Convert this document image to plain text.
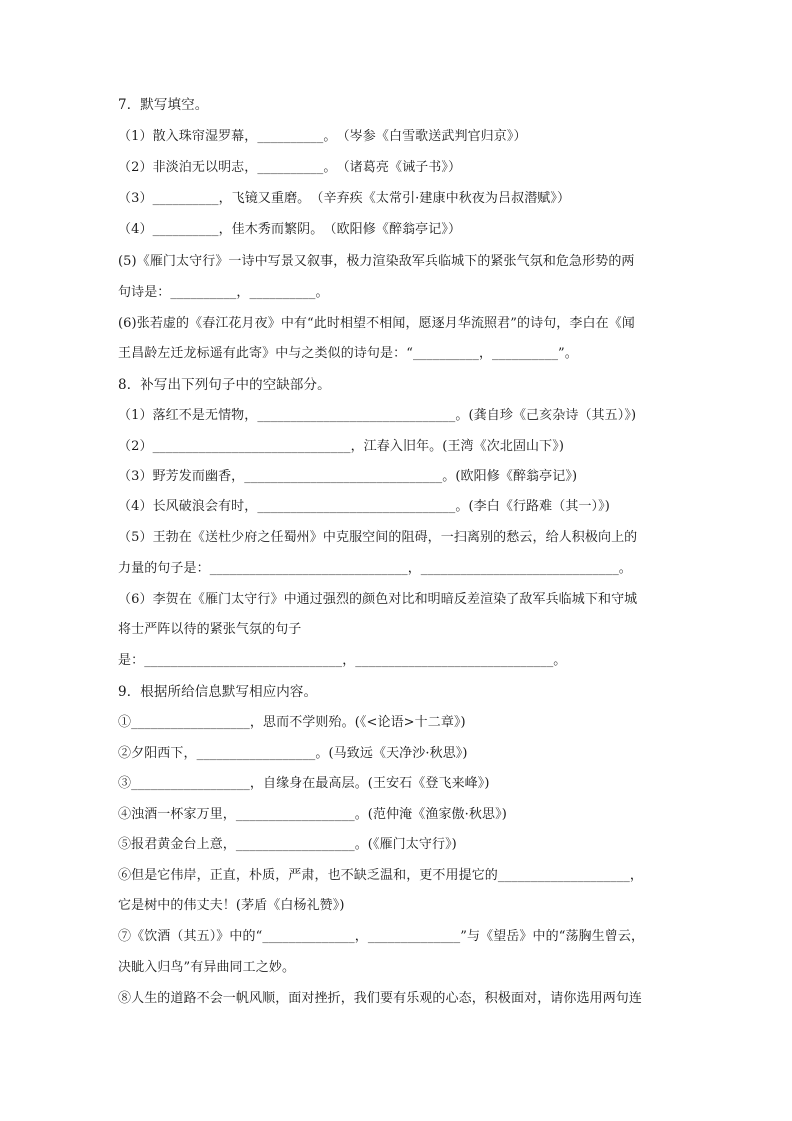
7．默写填空。
（1）散入珠帘湿罗幕，__________。　（岑参《白雪歌送武判官归京》）
（2）非淡泊无以明志，__________。　（诸葛亮《诫子书》）
（3）__________，飞镜又重磨。　（辛弃疾《太常引·建康中秋夜为吕叔潜赋》）
（4）__________，佳木秀而繁阴。　（欧阳修《醉翁亭记》）
(5)《雁门太守行》一诗中写景又叙事，极力渲染敌军兵临城下的紧张气氛和危急形势的两
句诗是：__________，__________。
(6)张若虚的《春江花月夜》中有“此时相望不相闻，愿逐月华流照君”的诗句，李白在《闻
王昌龄左迁龙标遥有此寄》中与之类似的诗句是：“__________，__________”。
8．补写出下列句子中的空缺部分。
（1）落红不是无情物，______________________________。(龚自珍《己亥杂诗（其五）》)
（2）______________________________，江春入旧年。(王湾《次北固山下》)
（3）野芳发而幽香，______________________________。(欧阳修《醉翁亭记》)
（4）长风破浪会有时，______________________________。(李白《行路难（其一）》)
（5）王勃在《送杜少府之任蜀州》中克服空间的阻碍，一扫离别的愁云，给人积极向上的
力量的句子是：______________________________，______________________________。
（6）李贺在《雁门太守行》中通过强烈的颜色对比和明暗反差渲染了敌军兵临城下和守城
将士严阵以待的紧张气氛的句子
是：______________________________，______________________________。
9．根据所给信息默写相应内容。
①__________________，思而不学则殆。(《<论语>十二章》)
②夕阳西下，__________________。(马致远《天净沙·秋思》)
③__________________，自缘身在最高层。(王安石《登飞来峰》)
④浊酒一杯家万里，__________________。(范仲淹《渔家傲·秋思》)
⑤报君黄金台上意，__________________。(《雁门太守行》)
⑥但是它伟岸，正直，朴质，严肃，也不缺乏温和，更不用提它的____________________，
它是树中的伟丈夫！(茅盾《白杨礼赞》)
⑦《饮酒（其五）》中的“______________，______________”与《望岳》中的“荡胸生曾云，
决眦入归鸟”有异曲同工之妙。
⑧人生的道路不会一帆风顺，面对挫折，我们要有乐观的心态，积极面对，请你选用两句连
